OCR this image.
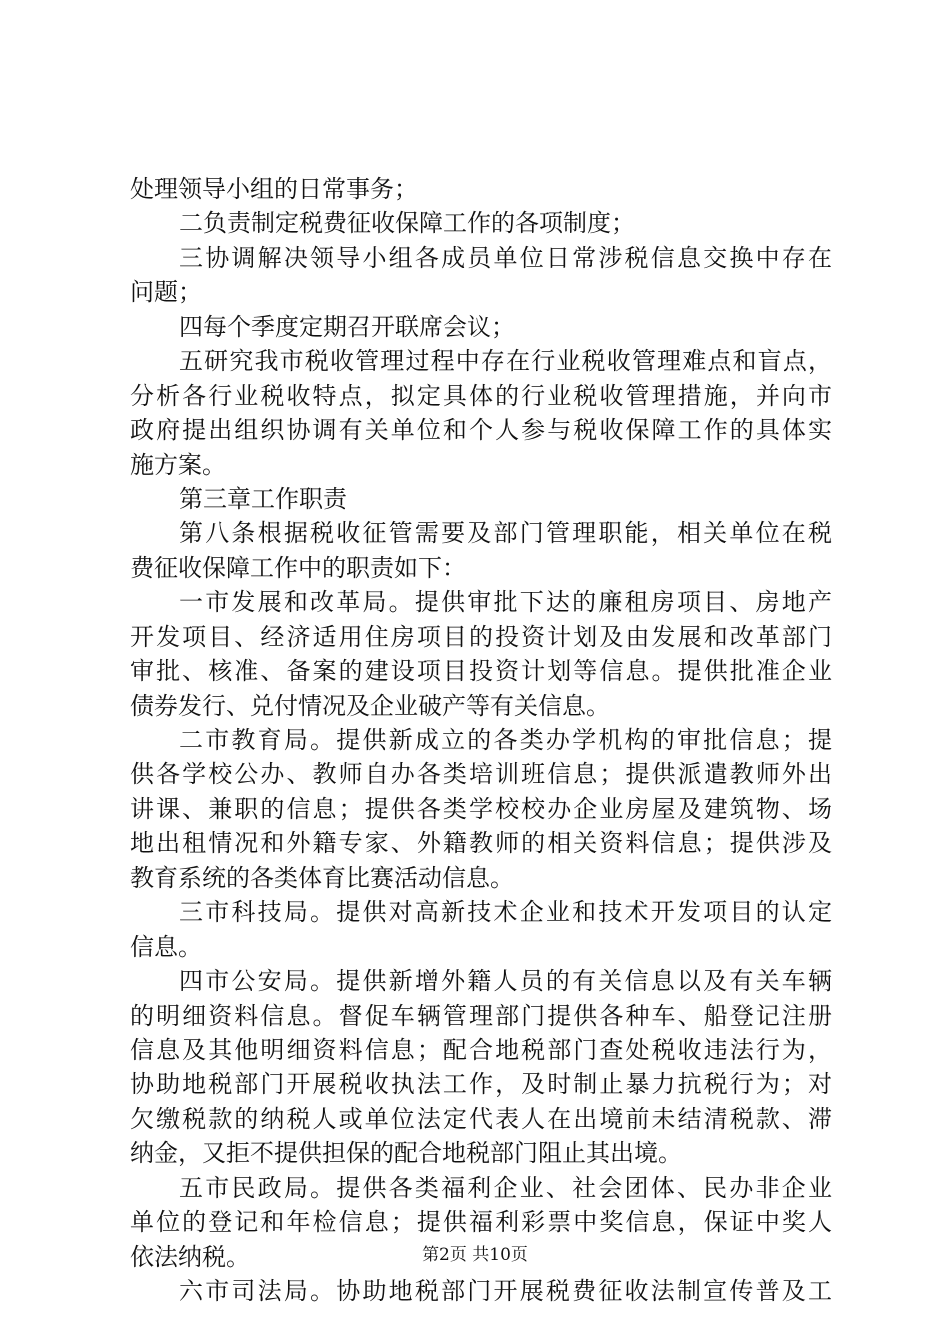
处理领导小组的日常事务；
二负责制定税费征收保障工作的各项制度；
三协调解决领导小组各成员单位日常涉税信息交换中存在
问题；
四每个季度定期召开联席会议；
五研究我市税收管理过程中存在行业税收管理难点和盲点，
分析各行业税收特点，拟定具体的行业税收管理措施，并向市
政府提出组织协调有关单位和个人参与税收保障工作的具体实
施方案。
第三章工作职责
第八条根据税收征管需要及部门管理职能，相关单位在税
费征收保障工作中的职责如下：
一市发展和改革局。提供审批下达的廉租房项目、房地产
开发项目、经济适用住房项目的投资计划及由发展和改革部门
审批、核准、备案的建设项目投资计划等信息。提供批准企业
债券发行、兑付情况及企业破产等有关信息。
二市教育局。提供新成立的各类办学机构的审批信息；提
供各学校公办、教师自办各类培训班信息；提供派遣教师外出
讲课、兼职的信息；提供各类学校校办企业房屋及建筑物、场
地出租情况和外籍专家、外籍教师的相关资料信息；提供涉及
教育系统的各类体育比赛活动信息。
三市科技局。提供对高新技术企业和技术开发项目的认定
信息。
四市公安局。提供新增外籍人员的有关信息以及有关车辆
的明细资料信息。督促车辆管理部门提供各种车、船登记注册
信息及其他明细资料信息；配合地税部门查处税收违法行为，
协助地税部门开展税收执法工作，及时制止暴力抗税行为；对
欠缴税款的纳税人或单位法定代表人在出境前未结清税款、滞
纳金，又拒不提供担保的配合地税部门阻止其出境。
五市民政局。提供各类福利企业、社会团体、民办非企业
单位的登记和年检信息；提供福利彩票中奖信息，保证中奖人
依法纳税。
六市司法局。协助地税部门开展税费征收法制宣传普及工
第2页 共10页
